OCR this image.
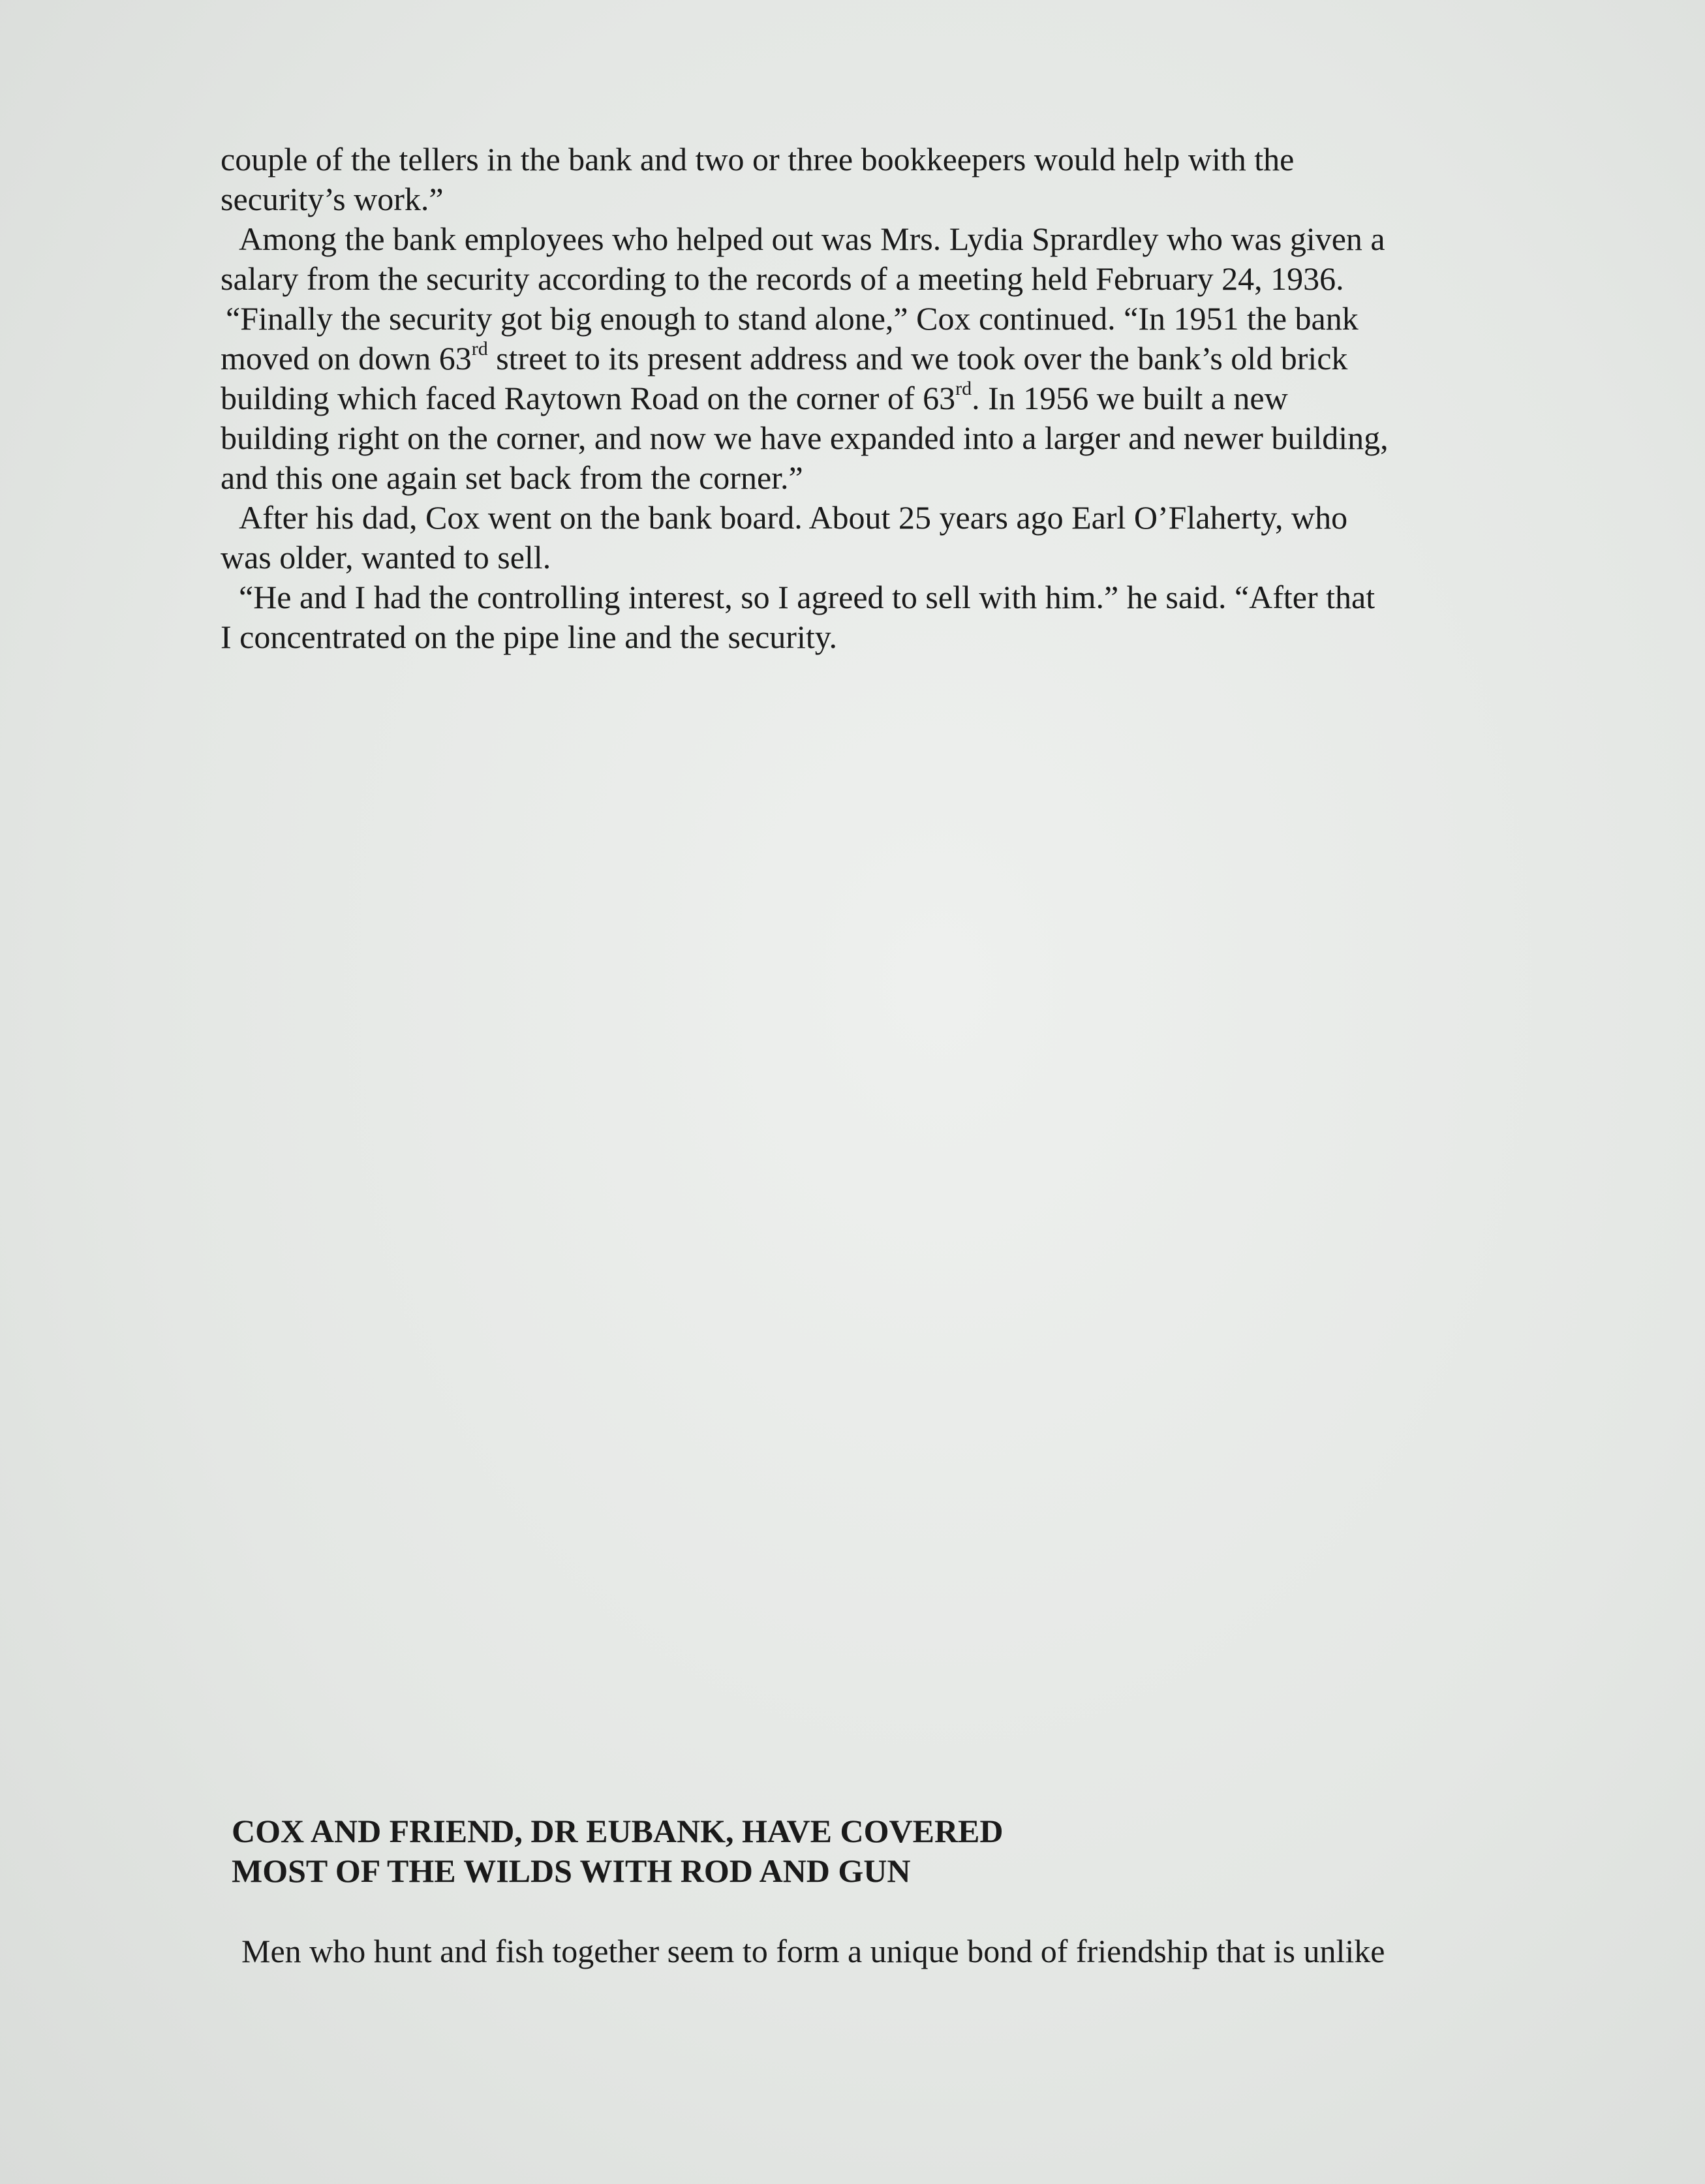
couple of the tellers in the bank and two or three bookkeepers would help with the
security’s work.”

Among the bank employees who helped out was Mrs. Lydia Sprardley who was given a
salary from the security according to the records of a meeting held February 24, 1936.

“Finally the security got big enough to stand alone,” Cox continued. “In 1951 the bank
moved on down 63rd street to its present address and we took over the bank’s old brick
building which faced Raytown Road on the corner of 63rd. In 1956 we built a new
building right on the corner, and now we have expanded into a larger and newer building,
and this one again set back from the corner.”

After his dad, Cox went on the bank board. About 25 years ago Earl O’Flaherty, who
was older, wanted to sell.

“He and I had the controlling interest, so I agreed to sell with him.” he said. “After that
I concentrated on the pipe line and the security.

COX AND FRIEND, DR EUBANK, HAVE COVERED
MOST OF THE WILDS WITH ROD AND GUN
Men who hunt and fish together seem to form a unique bond of friendship that is unlike
